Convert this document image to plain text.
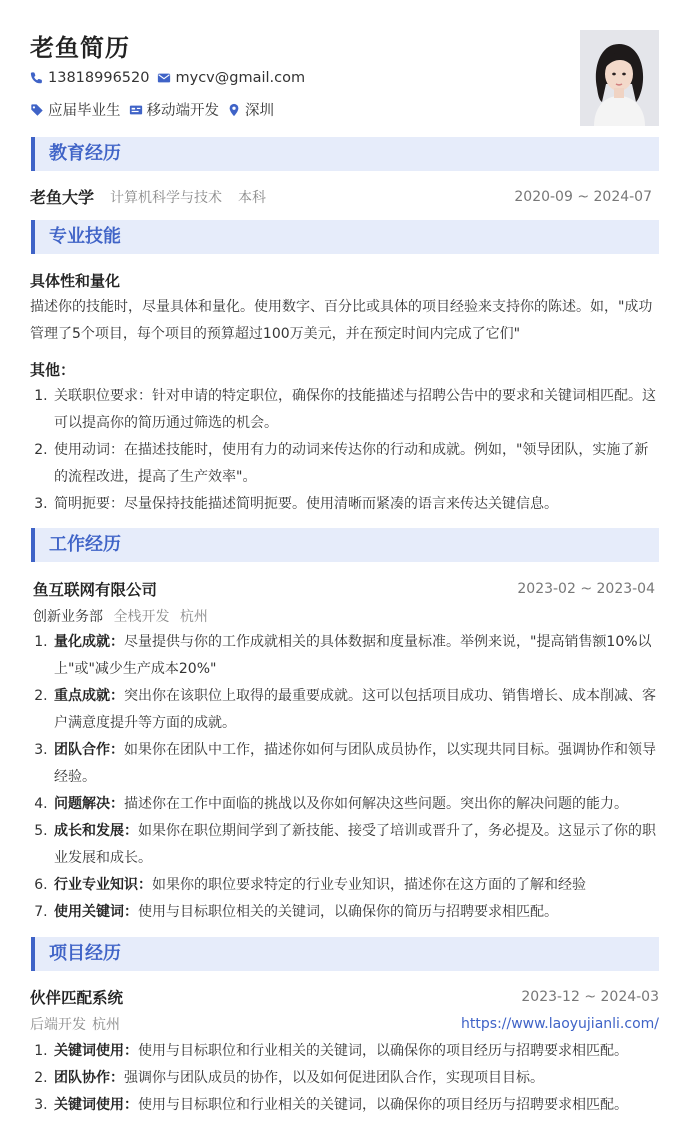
老鱼简历
13818996520 mycv@gmail.com
应届毕业生 移动端开发 深圳
教育经历
老鱼大学 计算机科学与技术 本科	2020-09 ~ 2024-07
专业技能
具体性和量化
描述你的技能时，尽量具体和量化。使用数字、百分比或具体的项目经验来支持你的陈述。如，"成功管理了5个项目，每个项目的预算超过100万美元，并在预定时间内完成了它们"
其他：
1. 关联职位要求：针对申请的特定职位，确保你的技能描述与招聘公告中的要求和关键词相匹配。这可以提高你的简历通过筛选的机会。
2. 使用动词：在描述技能时，使用有力的动词来传达你的行动和成就。例如，"领导团队，实施了新的流程改进，提高了生产效率"。
3. 简明扼要：尽量保持技能描述简明扼要。使用清晰而紧凑的语言来传达关键信息。
工作经历
鱼互联网有限公司	2023-02 ~ 2023-04
创新业务部 全栈开发 杭州
1. 量化成就：尽量提供与你的工作成就相关的具体数据和度量标准。举例来说，"提高销售额10%以上"或"减少生产成本20%"
2. 重点成就：突出你在该职位上取得的最重要成就。这可以包括项目成功、销售增长、成本削减、客户满意度提升等方面的成就。
3. 团队合作：如果你在团队中工作，描述你如何与团队成员协作，以实现共同目标。强调协作和领导经验。
4. 问题解决：描述你在工作中面临的挑战以及你如何解决这些问题。突出你的解决问题的能力。
5. 成长和发展：如果你在职位期间学到了新技能、接受了培训或晋升了，务必提及。这显示了你的职业发展和成长。
6. 行业专业知识：如果你的职位要求特定的行业专业知识，描述你在这方面的了解和经验
7. 使用关键词：使用与目标职位相关的关键词，以确保你的简历与招聘要求相匹配。
项目经历
伙伴匹配系统	2023-12 ~ 2024-03
后端开发 杭州	https://www.laoyujianli.com/
1. 关键词使用：使用与目标职位和行业相关的关键词，以确保你的项目经历与招聘要求相匹配。
2. 团队协作：强调你与团队成员的协作，以及如何促进团队合作，实现项目目标。
3. 关键词使用：使用与目标职位和行业相关的关键词，以确保你的项目经历与招聘要求相匹配。
